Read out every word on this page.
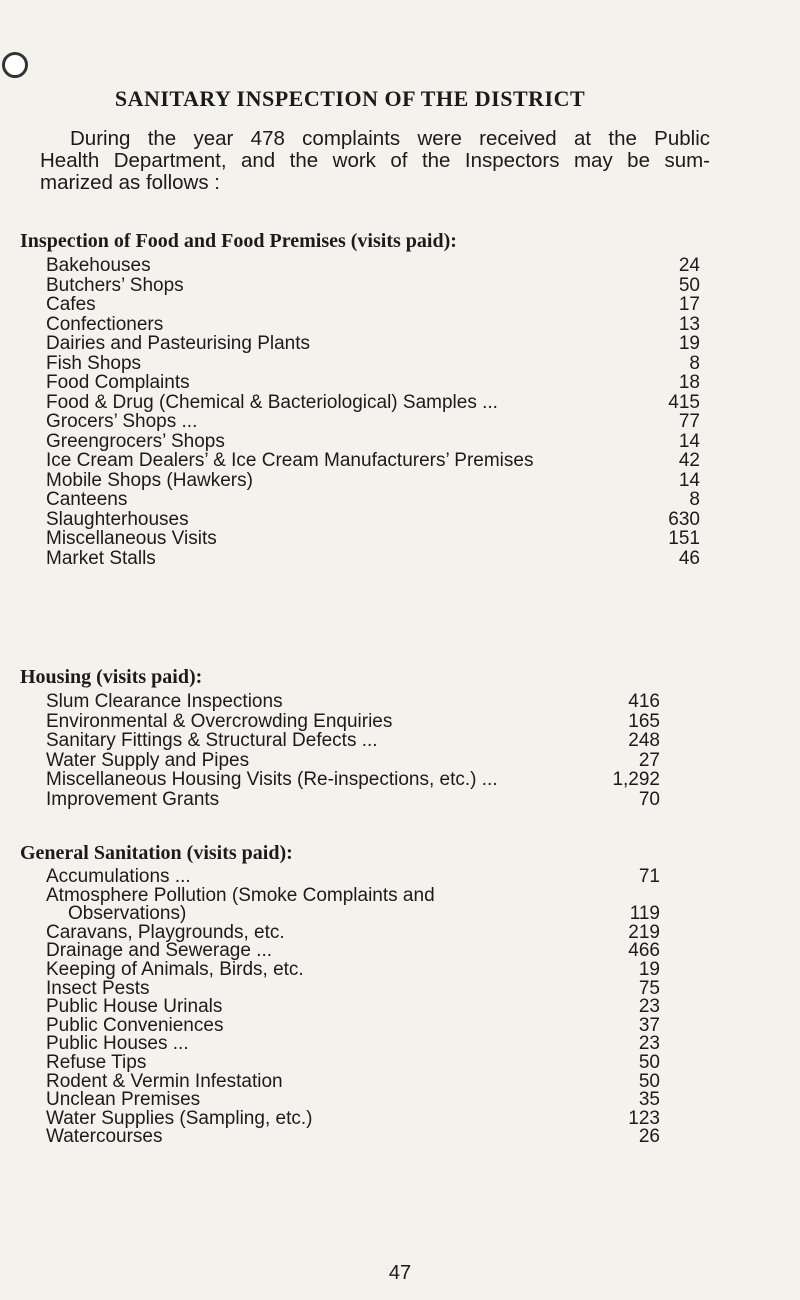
SANITARY INSPECTION OF THE DISTRICT

During the year 478 complaints were received at the Public
Health Department, and the work of the Inspectors may be sum-
marized as follows :

Inspection of Food and Food Premises (visits paid):
Bakehouses	24
Butchers’ Shops	50
Cafes	17
Confectioners	13
Dairies and Pasteurising Plants	19
Fish Shops	8
Food Complaints	18
Food & Drug (Chemical & Bacteriological) Samples ...	415
Grocers’ Shops ...	77
Greengrocers’ Shops	14
Ice Cream Dealers’ & Ice Cream Manufacturers’ Premises	42
Mobile Shops (Hawkers)	14
Canteens	8
Slaughterhouses	630
Miscellaneous Visits	151
Market Stalls	46
Housing (visits paid):
Slum Clearance Inspections	416
Environmental & Overcrowding Enquiries	165
Sanitary Fittings & Structural Defects ...	248
Water Supply and Pipes	27
Miscellaneous Housing Visits (Re-inspections, etc.) ...	1,292
Improvement Grants	70
General Sanitation (visits paid):
Accumulations ...	71
Atmosphere Pollution (Smoke Complaints and
Observations)	119
Caravans, Playgrounds, etc.	219
Drainage and Sewerage ...	466
Keeping of Animals, Birds, etc.	19
Insect Pests	75
Public House Urinals	23
Public Conveniences	37
Public Houses ...	23
Refuse Tips	50
Rodent & Vermin Infestation	50
Unclean Premises	35
Water Supplies (Sampling, etc.)	123
Watercourses	26
47
